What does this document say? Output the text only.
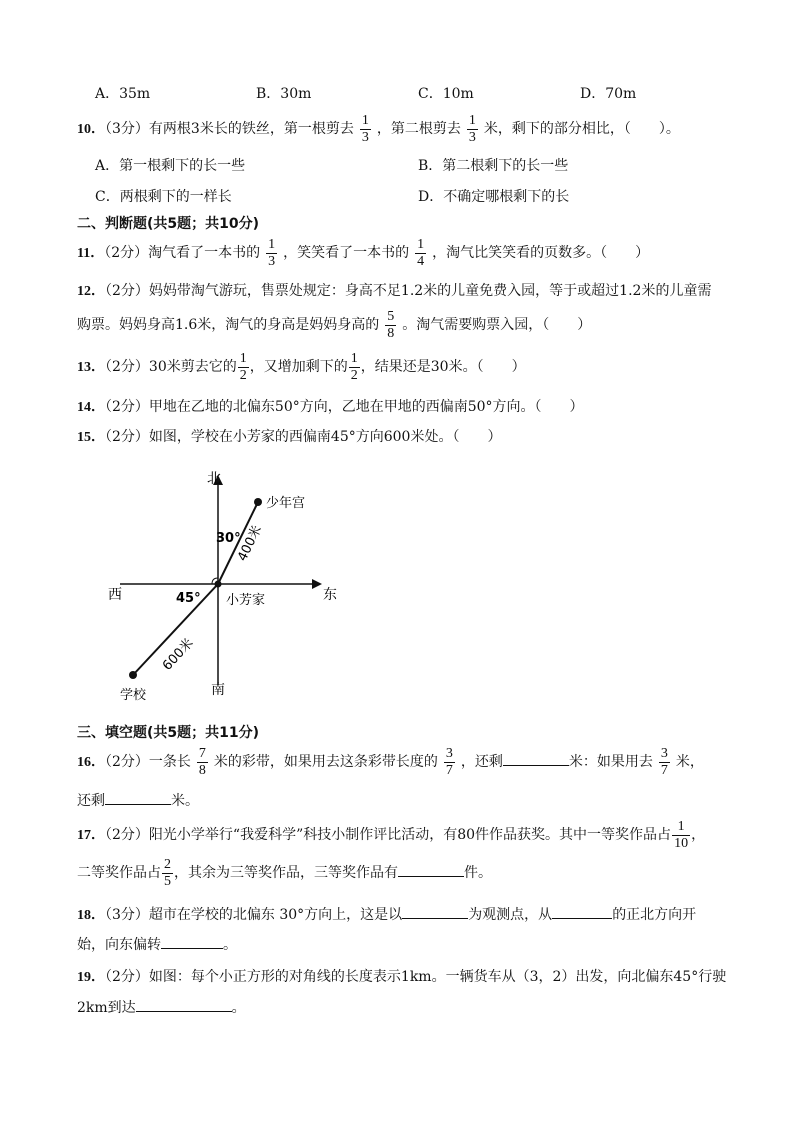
A．35m	B．30m	C．10m	D．70m
10．（3分）有两根3米长的铁丝，第一根剪去 $\frac{1}{3}$ ，第二根剪去 $\frac{1}{3}$ 米，剩下的部分相比，（　　）。
A．第一根剩下的长一些	B．第二根剩下的长一些
C．两根剩下的一样长	D．不确定哪根剩下的长
二、判断题(共5题；共10分)
11．（2分）淘气看了一本书的 $\frac{1}{3}$ ，笑笑看了一本书的 $\frac{1}{4}$ ，淘气比笑笑看的页数多。（　　）
12．（2分）妈妈带淘气游玩，售票处规定：身高不足1.2米的儿童免费入园，等于或超过1.2米的儿童需
购票。妈妈身高1.6米，淘气的身高是妈妈身高的 $\frac{5}{8}$ 。淘气需要购票入园，（　　）
13．（2分）30米剪去它的 $\frac{1}{2}$ ，又增加剩下的 $\frac{1}{2}$ ，结果还是30米。（　　）
14．（2分）甲地在乙地的北偏东50°方向，乙地在甲地的西偏南50°方向。（　　）
15．（2分）如图，学校在小芳家的西偏南45°方向600米处。（　　）
北
南
东
西
少年宫
学校
小芳家
30°
45°
400米
600米
三、填空题(共5题；共11分)
16．（2分）一条长 $\frac{7}{8}$ 米的彩带，如果用去这条彩带长度的 $\frac{3}{7}$ ，还剩	米：如果用去 $\frac{3}{7}$ 米，
还剩	米。
17．（2分）阳光小学举行“我爱科学”科技小制作评比活动，有80件作品获奖。其中一等奖作品占 $\frac{1}{10}$ ，
二等奖作品占 $\frac{2}{5}$ ，其余为三等奖作品，三等奖作品有	件。
18．（3分）超市在学校的北偏东 30°方向上，这是以	为观测点，从	的正北方向开
始，向东偏转	。
19．（2分）如图：每个小正方形的对角线的长度表示1km。一辆货车从（3，2）出发，向北偏东45°行驶
2km到达	。
